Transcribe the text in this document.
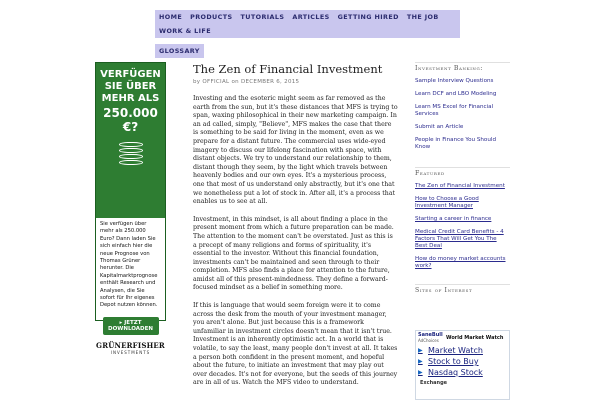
HOME	PRODUCTS	TUTORIALS	ARTICLES	GETTING HIRED	THE JOB
WORK & LIFE
GLOSSARY
VERFÜGEN SIE ÜBER MEHR ALS
250.000 €?
Sie verfügen über mehr als 250.000 Euro? Dann laden Sie sich einfach hier die neue Prognose von Thomas Grüner herunter. Die Kapitalmarktprognose enthält Research und Analysen, die Sie sofort für Ihr eigenes Depot nutzen können.
▸ JETZT DOWNLOADEN
GRÜNERFISHER
INVESTMENTS
The Zen of Financial Investment
by OFFICIAL on DECEMBER 6, 2015

Investing and the esoteric might seem as far removed as the earth from the sun, but it's these distances that MFS is trying to span, waxing philosophical in their new marketing campaign. In an ad called, simply, "Believe", MFS makes the case that there is something to be said for living in the moment, even as we prepare for a distant future. The commercial uses wide-eyed imagery to discuss our lifelong fascination with space, with distant objects. We try to understand our relationship to them, distant though they seem, by the light which travels between heavenly bodies and our own eyes. It's a mysterious process, one that most of us understand only abstractly, but it's one that we nonetheless put a lot of stock in. After all, it's a process that enables us to see at all.

Investment, in this mindset, is all about finding a place in the present moment from which a future preparation can be made. The attention to the moment can't be overstated. Just as this is a precept of many religions and forms of spirituality, it's essential to the investor. Without this financial foundation, investments can't be maintained and seen through to their completion. MFS also finds a place for attention to the future, amidst all of this present-mindedness. They define a forward-focused mindset as a belief in something more.

If this is language that would seem foreign were it to come across the desk from the mouth of your investment manager, you aren't alone. But just because this is a framework unfamiliar in investment circles doesn't mean that it isn't true. Investment is an inherently optimistic act. In a world that is volatile, to say the least, many people don't invest at all. It takes a person both confident in the present moment, and hopeful about the future, to initiate an investment that may play out over decades. It's not for everyone, but the seeds of this journey are in all of us. Watch the MFS video to understand.

Investment Banking:
Sample Interview Questions
Learn DCF and LBO Modeling
Learn MS Excel for Financial Services
Submit an Article
People in Finance You Should Know
Featured
The Zen of Financial Investment
How to Choose a Good Investment Manager
Starting a career in finance
Medical Credit Card Benefits - 4 Factors That Will Get You The Best Deal
How do money market accounts work?
Sites of Interest
SaneBull
AdChoices	World Market Watch
▶ Market Watch
▶ Stock to Buy
▶ Nasdaq Stock
Exchange
